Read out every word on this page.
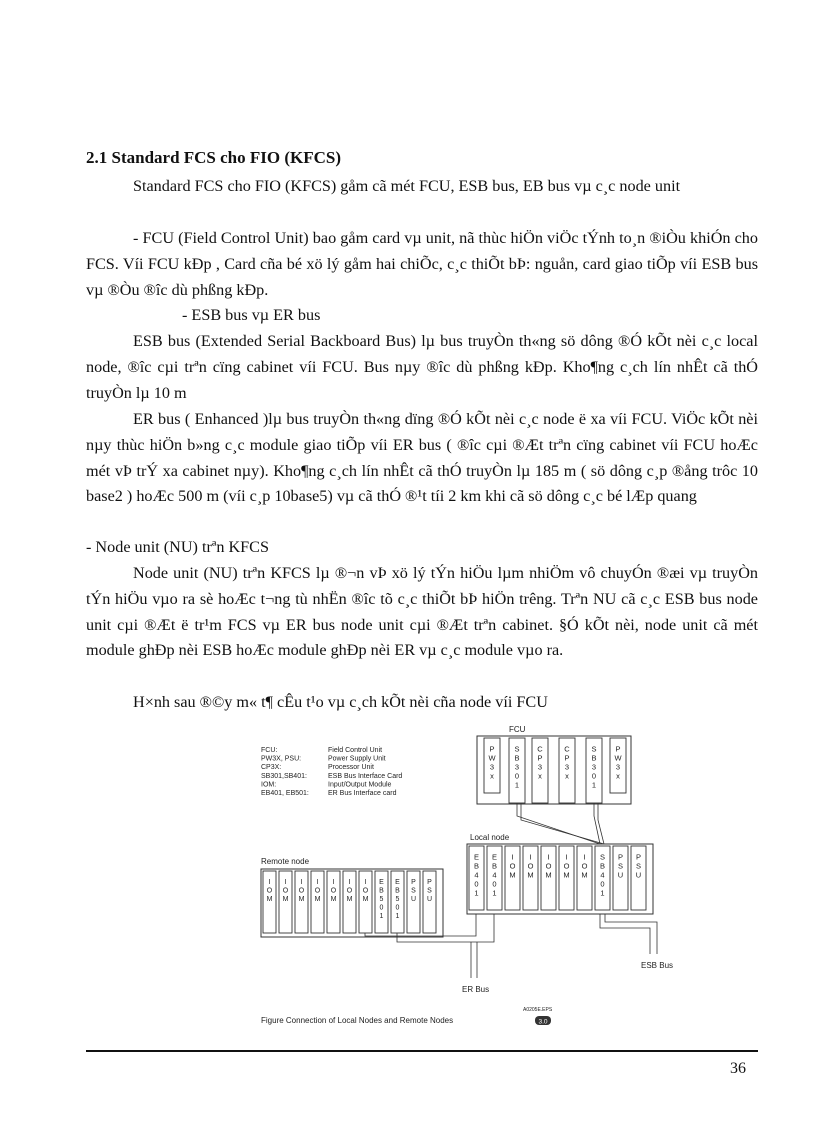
2.1 Standard FCS cho FIO (KFCS)

Standard FCS cho FIO (KFCS) gåm cã mét FCU, ESB bus, EB bus vµ c¸c node unit

- FCU (Field Control Unit) bao gåm card vµ unit, nã thùc hiÖn viÖc tÝnh to¸n ®iÒu khiÓn cho FCS. Víi FCU kÐp , Card cña bé xö lý gåm hai chiÕc, c¸c thiÕt bÞ: nguån, card giao tiÕp víi ESB bus vµ ®Òu ®îc dù phßng kÐp.

- ESB bus vµ ER bus

ESB bus (Extended Serial Backboard Bus) lµ bus truyÒn th«ng sö dông ®Ó kÕt nèi c¸c local node, ®îc cµi trªn cïng cabinet víi FCU. Bus nµy ®îc dù phßng kÐp. Kho¶ng c¸ch lín nhÊt cã thÓ truyÒn lµ 10 m

ER bus ( Enhanced )lµ bus truyÒn th«ng dïng ®Ó kÕt nèi c¸c node ë xa víi FCU. ViÖc kÕt nèi nµy thùc hiÖn b»ng c¸c module giao tiÕp víi ER bus ( ®îc cµi ®Æt trªn cïng cabinet víi FCU hoÆc mét vÞ trÝ xa cabinet nµy). Kho¶ng c¸ch lín nhÊt cã thÓ truyÒn lµ 185 m ( sö dông c¸p ®ång trôc 10 base2 ) hoÆc 500 m (víi c¸p 10base5) vµ cã thÓ ®¹t tíi 2 km khi cã sö dông c¸c bé lÆp quang

- Node unit (NU) trªn KFCS

Node unit (NU) trªn KFCS lµ ®¬n vÞ xö lý tÝn hiÖu lµm nhiÖm vô chuyÓn ®æi vµ truyÒn tÝn hiÖu vµo ra sè hoÆc t¬ng tù nhËn ®îc tõ c¸c thiÕt bÞ hiÖn trêng. Trªn NU cã c¸c ESB bus node unit cµi ®Æt ë tr¹m FCS vµ ER bus node unit cµi ®Æt trªn cabinet. §Ó kÕt nèi, node unit cã mét module ghÐp nèi ESB hoÆc module ghÐp nèi ER vµ c¸c module vµo ra.

H×nh sau ®©y m« t¶ cÊu t¹o vµ c¸ch kÕt nèi cña node víi FCU

FCU:	Field Control Unit
PW3X, PSU:	Power Supply Unit
CP3X:	Processor Unit
SB301,SB401:	ESB Bus Interface Card
IOM:	Input/Output Module
EB401, EB501:	ER Bus Interface card
FCU
P
W
3
x
S
B
3
0
1
C
P
3
x
C
P
3
x
S
B
3
0
1
P
W
3
x
Local node
E
B
4
0
1
E
B
4
0
1
I
O
M
I
O
M
I
O
M
I
O
M
I
O
M
S
B
4
0
1
P
S
U
P
S
U
Remote node
I
O
M
I
O
M
I
O
M
I
O
M
I
O
M
I
O
M
I
O
M
E
B
5
0
1
E
B
5
0
1
P
S
U
P
S
U
ESB Bus
ER Bus
A0205E.EPS
Figure Connection of Local Nodes and Remote Nodes	3.0
36
